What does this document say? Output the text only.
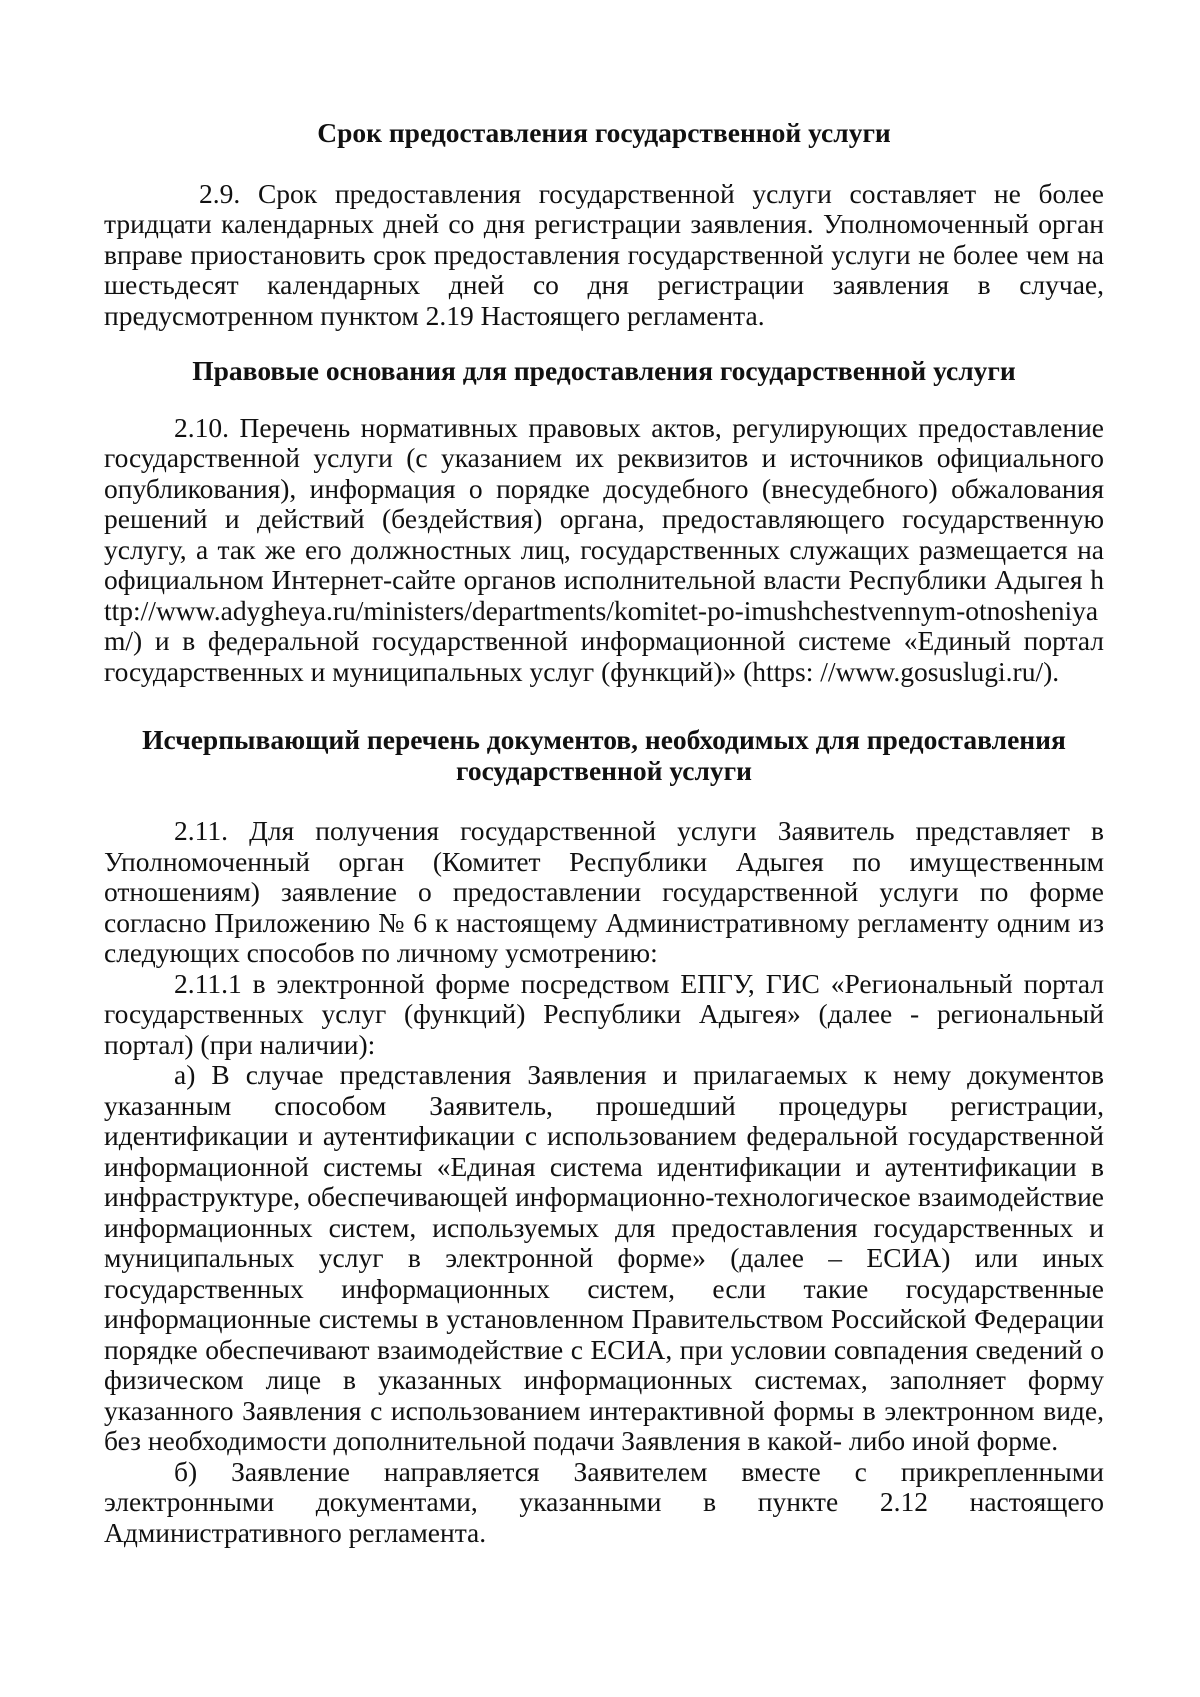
Срок предоставления государственной услуги

2.9. Срок предоставления государственной услуги составляет не более тридцати календарных дней со дня регистрации заявления. Уполномоченный орган вправе приостановить срок предоставления государственной услуги не более чем на шестьдесят календарных дней со дня регистрации заявления в случае, предусмотренном пунктом 2.19 Настоящего регламента.

Правовые основания для предоставления государственной услуги

2.10. Перечень нормативных правовых актов, регулирующих предоставление государственной услуги (с указанием их реквизитов и источников официального опубликования), информация о порядке досудебного (внесудебного) обжалования решений и действий (бездействия) органа, предоставляющего государственную услугу, а так же его должностных лиц, государственных служащих размещается на официальном Интернет-сайте органов исполнительной власти Республики Адыгея http://www.adygheya.ru/ministers/departments/komitet-po-imushchestvennym-otnosheniyam/) и в федеральной государственной информационной системе «Единый портал государственных и муниципальных услуг (функций)» (https: //www.gosuslugi.ru/).

Исчерпывающий перечень документов, необходимых для предоставления
государственной услуги

2.11. Для получения государственной услуги Заявитель представляет в Уполномоченный орган (Комитет Республики Адыгея по имущественным отношениям) заявление о предоставлении государственной услуги по форме согласно Приложению № 6 к настоящему Административному регламенту одним из следующих способов по личному усмотрению:

2.11.1 в электронной форме посредством ЕПГУ, ГИС «Региональный портал государственных услуг (функций) Республики Адыгея» (далее - региональный портал) (при наличии):

а) В случае представления Заявления и прилагаемых к нему документов указанным способом Заявитель, прошедший процедуры регистрации, идентификации и аутентификации с использованием федеральной государственной информационной системы «Единая система идентификации и аутентификации в инфраструктуре, обеспечивающей информационно-технологическое взаимодействие информационных систем, используемых для предоставления государственных и муниципальных услуг в электронной форме» (далее – ЕСИА) или иных государственных информационных систем, если такие государственные информационные системы в установленном Правительством Российской Федерации порядке обеспечивают взаимодействие с ЕСИА, при условии совпадения сведений о физическом лице в указанных информационных системах, заполняет форму указанного Заявления с использованием интерактивной формы в электронном виде, без необходимости дополнительной подачи Заявления в какой- либо иной форме.

б) Заявление направляется Заявителем вместе с прикрепленными электронными документами, указанными в пункте 2.12 настоящего Административного регламента.
